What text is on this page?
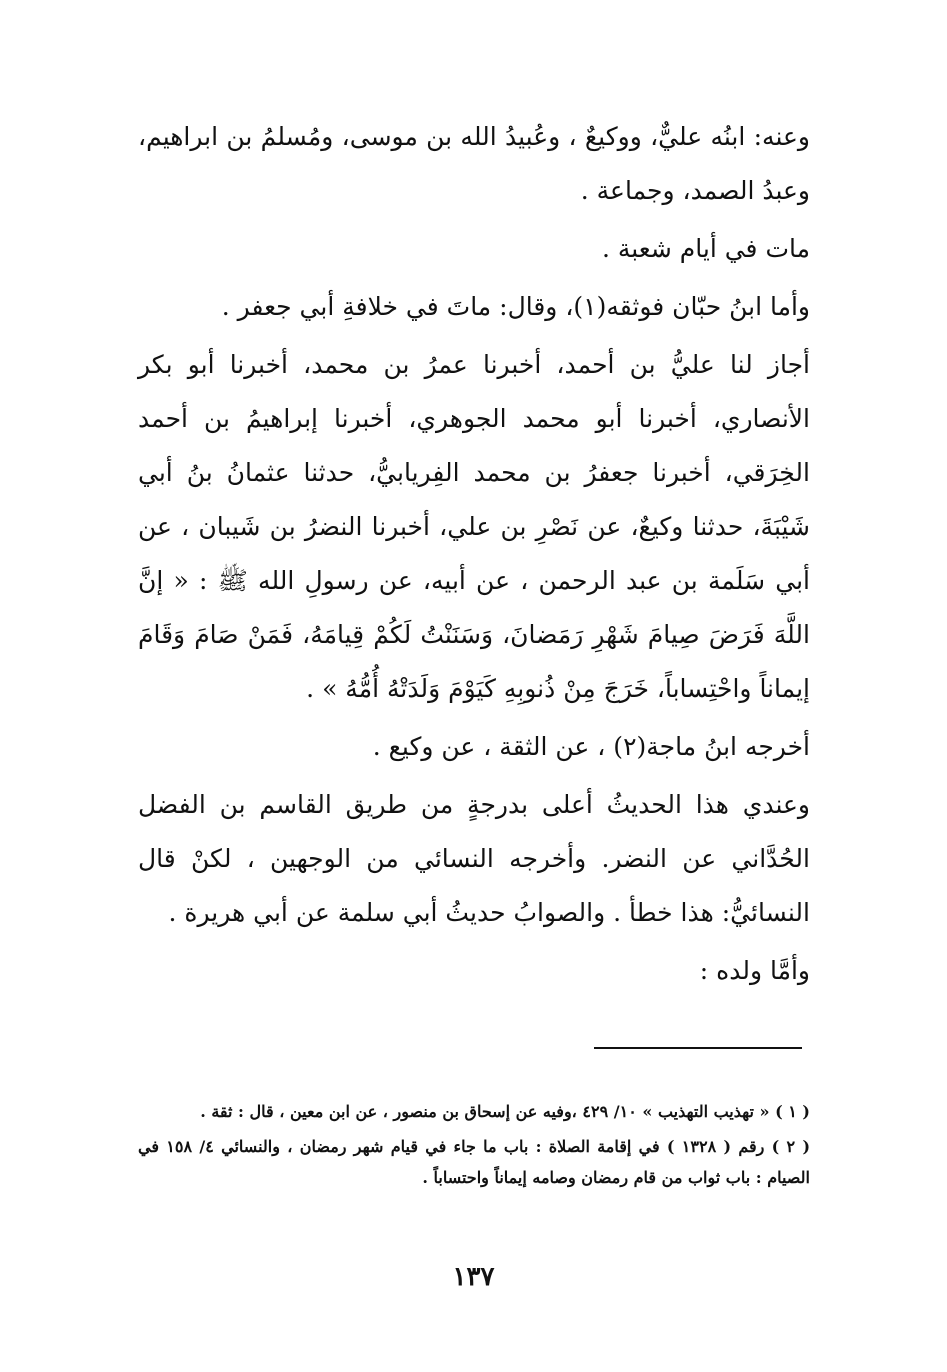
وعنه: ابنُه عليٌّ، ووكيعٌ ، وعُبيدُ الله بن موسى، ومُسلمُ بن ابراهيم، وعبدُ الصمد، وجماعة .

مات في أيام شعبة .

وأما ابنُ حبّان فوثقه(١)، وقال: ماتَ في خلافةِ أبي جعفر .

أجاز لنا عليُّ بن أحمد، أخبرنا عمرُ بن محمد، أخبرنا أبو بكر الأنصاري، أخبرنا أبو محمد الجوهري، أخبرنا إبراهيمُ بن أحمد الخِرَقي، أخبرنا جعفرُ بن محمد الفِريابيُّ، حدثنا عثمانُ بنُ أبي شَيْبَةَ، حدثنا وكيعٌ، عن نَصْرِ بن علي، أخبرنا النضرُ بن شَيبان ، عن أبي سَلَمة بن عبد الرحمن ، عن أبيه، عن رسولِ الله ﷺ : « إنَّ اللَّهَ فَرَضَ صِيامَ شَهْرِ رَمَضانَ، وَسَنَنْتُ لَكُمْ قِيامَهُ، فَمَنْ صَامَ وَقَامَ إيماناً واحْتِساباً، خَرَجَ مِنْ ذُنوبِهِ كَيَوْمَ وَلَدَتْهُ أُمُّهُ » .

أخرجه ابنُ ماجة(٢) ، عن الثقة ، عن وكيع .

وعندي هذا الحديثُ أعلى بدرجةٍ من طريق القاسم بن الفضل الحُدَّاني عن النضر. وأخرجه النسائي من الوجهين ، لكنْ قال النسائيُّ: هذا خطأ . والصوابُ حديثُ أبي سلمة عن أبي هريرة .

وأمَّا ولده :

( ١ ) « تهذيب التهذيب » ١٠/ ٤٢٩ ،وفيه عن إسحاق بن منصور ، عن ابن معين ، قال : ثقة .

( ٢ ) رقم ( ١٣٢٨ ) في إقامة الصلاة : باب ما جاء في قيام شهر رمضان ، والنسائي ٤/ ١٥٨ في الصيام : باب ثواب من قام رمضان وصامه إيماناً واحتساباً .

١٣٧
